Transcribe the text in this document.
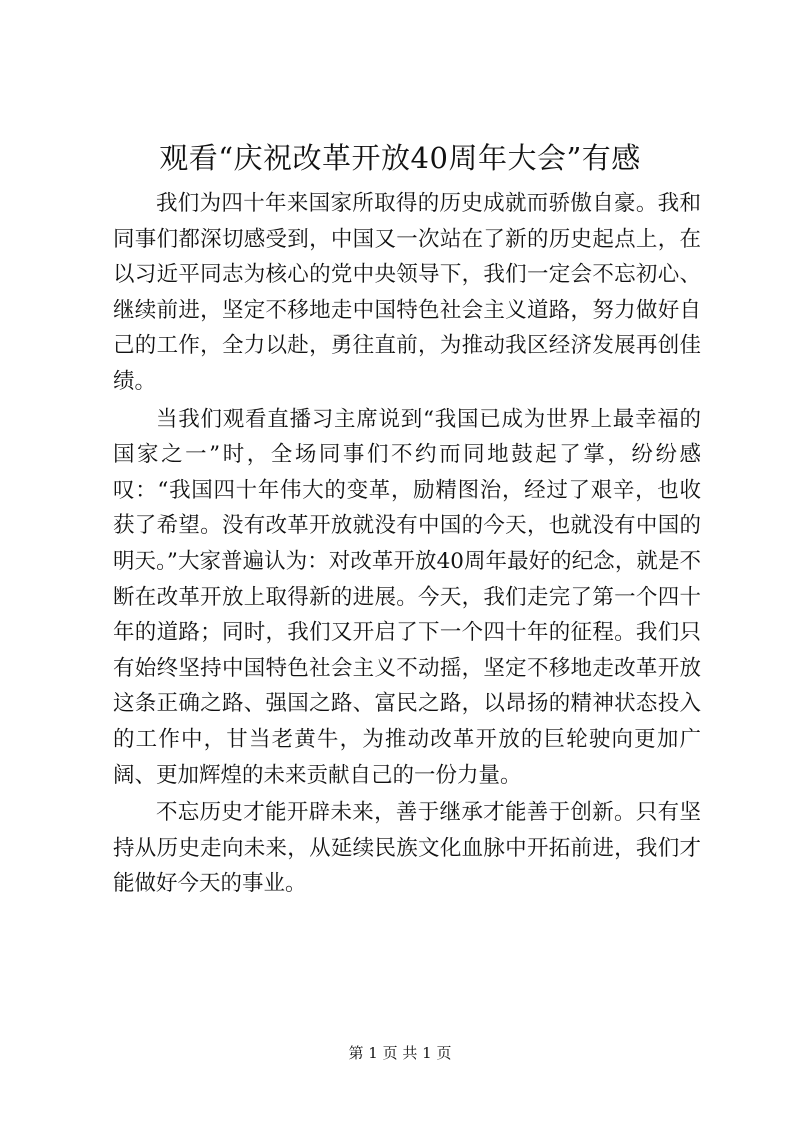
观看“庆祝改革开放40周年大会”有感

我们为四十年来国家所取得的历史成就而骄傲自豪。我和同事们都深切感受到，中国又一次站在了新的历史起点上，在以习近平同志为核心的党中央领导下，我们一定会不忘初心、继续前进，坚定不移地走中国特色社会主义道路，努力做好自己的工作，全力以赴，勇往直前，为推动我区经济发展再创佳绩。

当我们观看直播习主席说到“我国已成为世界上最幸福的国家之一”时，全场同事们不约而同地鼓起了掌，纷纷感叹：“我国四十年伟大的变革，励精图治，经过了艰辛，也收获了希望。没有改革开放就没有中国的今天，也就没有中国的明天。”大家普遍认为：对改革开放40周年最好的纪念，就是不断在改革开放上取得新的进展。今天，我们走完了第一个四十年的道路；同时，我们又开启了下一个四十年的征程。我们只有始终坚持中国特色社会主义不动摇，坚定不移地走改革开放这条正确之路、强国之路、富民之路，以昂扬的精神状态投入的工作中，甘当老黄牛，为推动改革开放的巨轮驶向更加广阔、更加辉煌的未来贡献自己的一份力量。

不忘历史才能开辟未来，善于继承才能善于创新。只有坚持从历史走向未来，从延续民族文化血脉中开拓前进，我们才能做好今天的事业。

第 1 页 共 1 页
